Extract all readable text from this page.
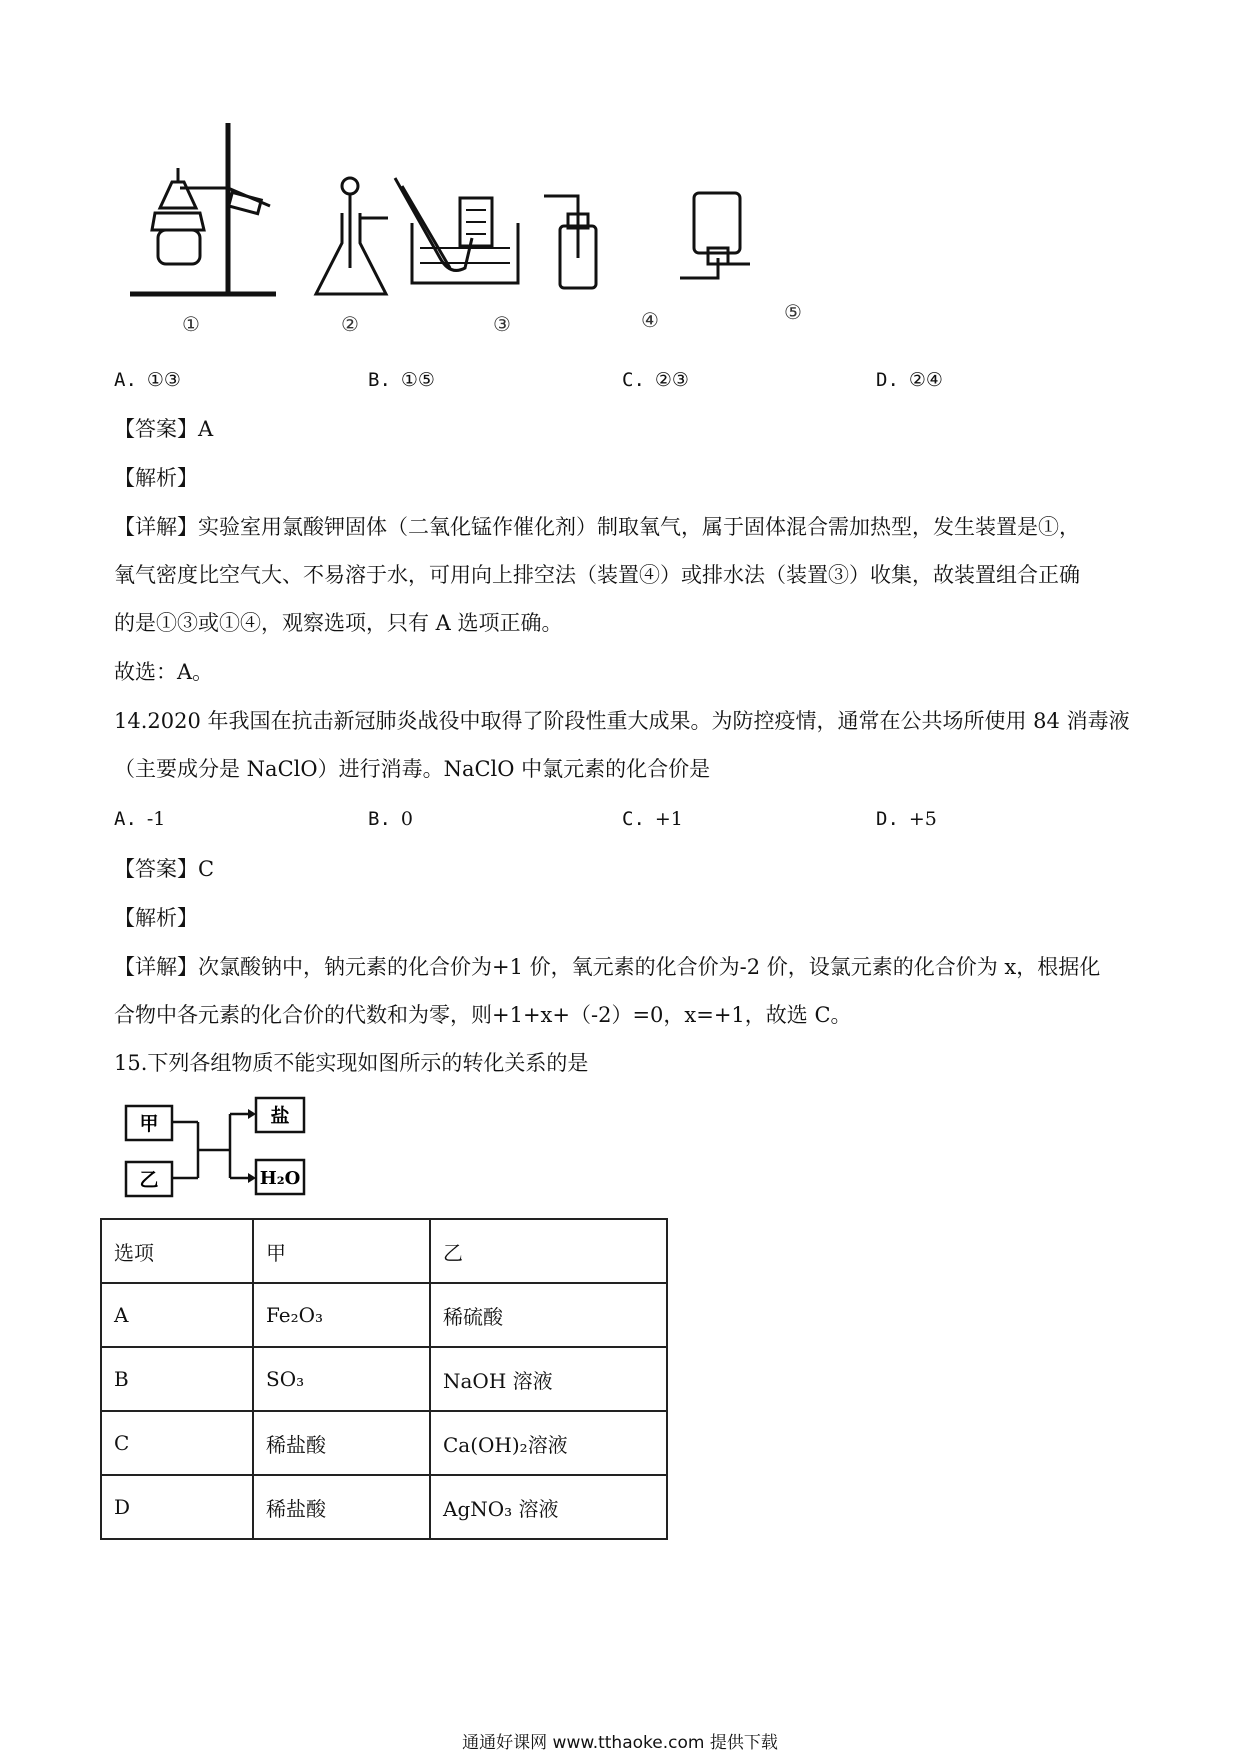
①	②	③	④	⑤
A. ①③	B. ①⑤	C. ②③	D. ②④
【答案】A
【解析】
【详解】实验室用氯酸钾固体（二氧化锰作催化剂）制取氧气，属于固体混合需加热型，发生装置是①，
氧气密度比空气大、不易溶于水，可用向上排空法（装置④）或排水法（装置③）收集，故装置组合正确
的是①③或①④，观察选项，只有 A 选项正确。
故选：A。
14.2020 年我国在抗击新冠肺炎战役中取得了阶段性重大成果。为防控疫情，通常在公共场所使用 84 消毒液
（主要成分是 NaClO）进行消毒。NaClO 中氯元素的化合价是
A. -1	B. 0	C. +1	D. +5
【答案】C
【解析】
【详解】次氯酸钠中，钠元素的化合价为+1 价，氧元素的化合价为-2 价，设氯元素的化合价为 x，根据化
合物中各元素的化合价的代数和为零，则+1+x+（-2）=0，x=+1，故选 C。
15.下列各组物质不能实现如图所示的转化关系的是
甲
乙
盐
H₂O
选项	甲	乙
A	Fe₂O₃	稀硫酸
B	SO₃	NaOH 溶液
C	稀盐酸	Ca(OH)₂溶液
D	稀盐酸	AgNO₃ 溶液
通通好课网 www.tthaoke.com 提供下载
